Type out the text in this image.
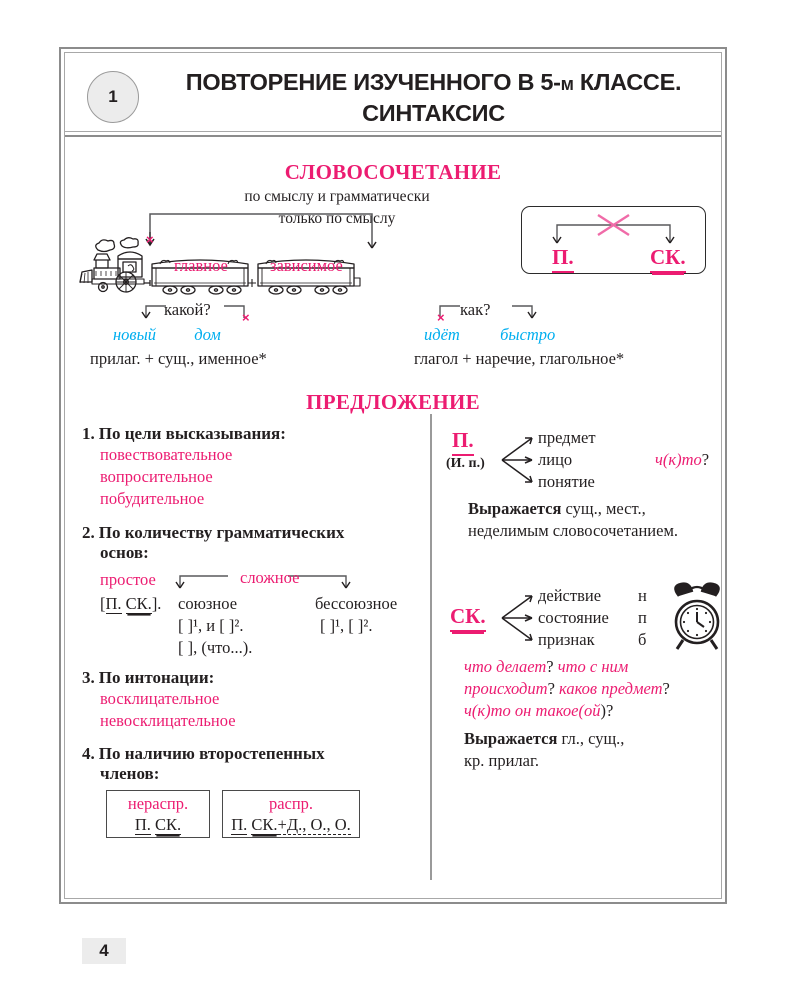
1
ПОВТОРЕНИЕ ИЗУЧЕННОГО В 5-м КЛАССЕ.
СИНТАКСИС
СЛОВОСОЧЕТАНИЕ
по смыслу и грамматически
только по смыслу
×
главное	зависимое	П.	СК.
какой? ×
новый дом
прилаг. + сущ., именное*
как?
×
идёт быстро
глагол + наречие, глагольное*
ПРЕДЛОЖЕНИЕ
1. По цели высказывания:
повествовательное
вопросительное
побудительное
2. По количеству грамматических
основ:
простое
[П. СК.].
сложное
союзное	бессоюзное
[ ]¹, и [ ]².
[ ], (что...).
[ ]¹, [ ]².
3. По интонации:
восклицательное
невосклицательное
4. По наличию второстепенных
членов:
нераспр.
П. СК.
распр.
П. СК.+Д., О., О.
П.
(И. п.)
предмет
лицо
понятие
ч(к)то?
Выражается сущ., мест.,
неделимым словосочетанием.
СК.
действие
состояние
признак
н
п
б
что делает? что с ним
происходит? каков предмет?
ч(к)то он такое(ой)?
Выражается гл., сущ.,
кр. прилаг.
4
